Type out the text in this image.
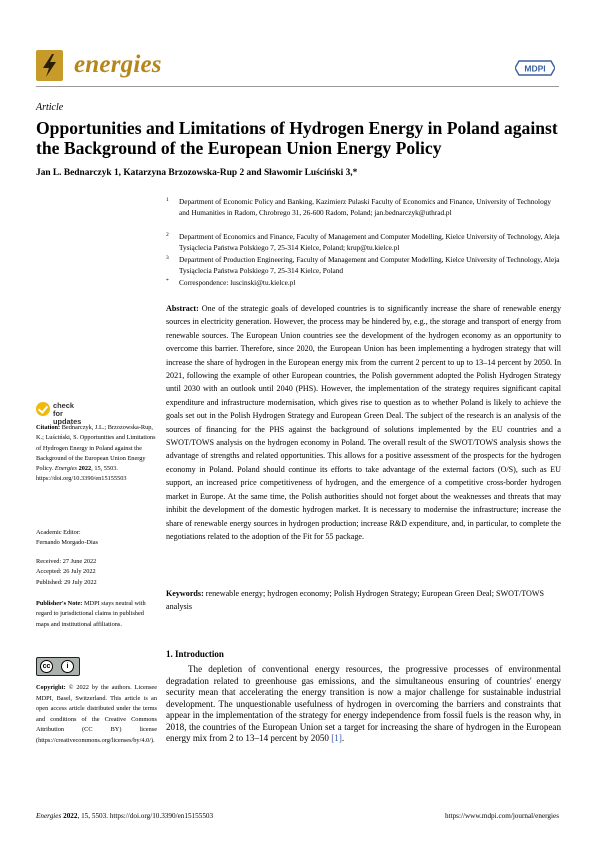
energies	MDPI
Article
Opportunities and Limitations of Hydrogen Energy in Poland against the Background of the European Union Energy Policy
Jan L. Bednarczyk 1, Katarzyna Brzozowska-Rup 2 and Sławomir Luściński 3,*
1 Department of Economic Policy and Banking, Kazimierz Pulaski Faculty of Economics and Finance, University of Technology and Humanities in Radom, Chrobrego 31, 26-600 Radom, Poland; jan.bednarczyk@uthrad.pl
2 Department of Economics and Finance, Faculty of Management and Computer Modelling, Kielce University of Technology, Aleja Tysiąclecia Państwa Polskiego 7, 25-314 Kielce, Poland; krup@tu.kielce.pl
3 Department of Production Engineering, Faculty of Management and Computer Modelling, Kielce University of Technology, Aleja Tysiąclecia Państwa Polskiego 7, 25-314 Kielce, Poland
* Correspondence: luscinski@tu.kielce.pl
Abstract: One of the strategic goals of developed countries is to significantly increase the share of renewable energy sources in electricity generation. However, the process may be hindered by, e.g., the storage and transport of energy from renewable sources. The European Union countries see the development of the hydrogen economy as an opportunity to overcome this barrier. Therefore, since 2020, the European Union has been implementing a hydrogen strategy that will increase the share of hydrogen in the European energy mix from the current 2 percent to up to 13–14 percent by 2050. In 2021, following the example of other European countries, the Polish government adopted the Polish Hydrogen Strategy until 2030 with an outlook until 2040 (PHS). However, the implementation of the strategy requires significant capital expenditure and infrastructure modernisation, which gives rise to question as to whether Poland is likely to achieve the goals set out in the Polish Hydrogen Strategy and European Green Deal. The subject of the research is an analysis of the sources of financing for the PHS against the background of solutions implemented by the EU countries and a SWOT/TOWS analysis on the hydrogen economy in Poland. The overall result of the SWOT/TOWS analysis shows the advantage of strengths and related opportunities. This allows for a positive assessment of the prospects for the hydrogen economy in Poland. Poland should continue its efforts to take advantage of the external factors (O/S), such as EU support, an increased price competitiveness of hydrogen, and the emergence of a competitive cross-border hydrogen market in Europe. At the same time, the Polish authorities should not forget about the weaknesses and threats that may inhibit the development of the domestic hydrogen market. It is necessary to modernise the infrastructure; increase the share of renewable energy sources in hydrogen production; increase R&D expenditure, and, in particular, to complete the negotiations related to the adoption of the Fit for 55 package.
Keywords: renewable energy; hydrogen economy; Polish Hydrogen Strategy; European Green Deal; SWOT/TOWS analysis
1. Introduction
The depletion of conventional energy resources, the progressive processes of environmental degradation related to greenhouse gas emissions, and the simultaneous ensuring of countries' energy security mean that accelerating the energy transition is now a major challenge for sustainable industrial development. The unquestionable usefulness of hydrogen in overcoming the barriers and constraints that appear in the implementation of the strategy for energy independence from fossil fuels is the reason why, in 2018, the countries of the European Union set a target for increasing the share of hydrogen in the European energy mix from 2 to 13–14 percent by 2050 [1].
check for
updates
Citation: Bednarczyk, J.L.; Brzozowska-Rup, K.; Luściński, S. Opportunities and Limitations of Hydrogen Energy in Poland against the Background of the European Union Energy Policy. Energies 2022, 15, 5503. https://doi.org/10.3390/en15155503
Academic Editor:
Fernando Morgado-Dias
Received: 27 June 2022
Accepted: 26 July 2022
Published: 29 July 2022
Publisher's Note: MDPI stays neutral with regard to jurisdictional claims in published maps and institutional affiliations.
cc	i
Copyright: © 2022 by the authors. Licensee MDPI, Basel, Switzerland. This article is an open access article distributed under the terms and conditions of the Creative Commons Attribution (CC BY) license (https://creativecommons.org/licenses/by/4.0/).
Energies 2022, 15, 5503. https://doi.org/10.3390/en15155503	https://www.mdpi.com/journal/energies
